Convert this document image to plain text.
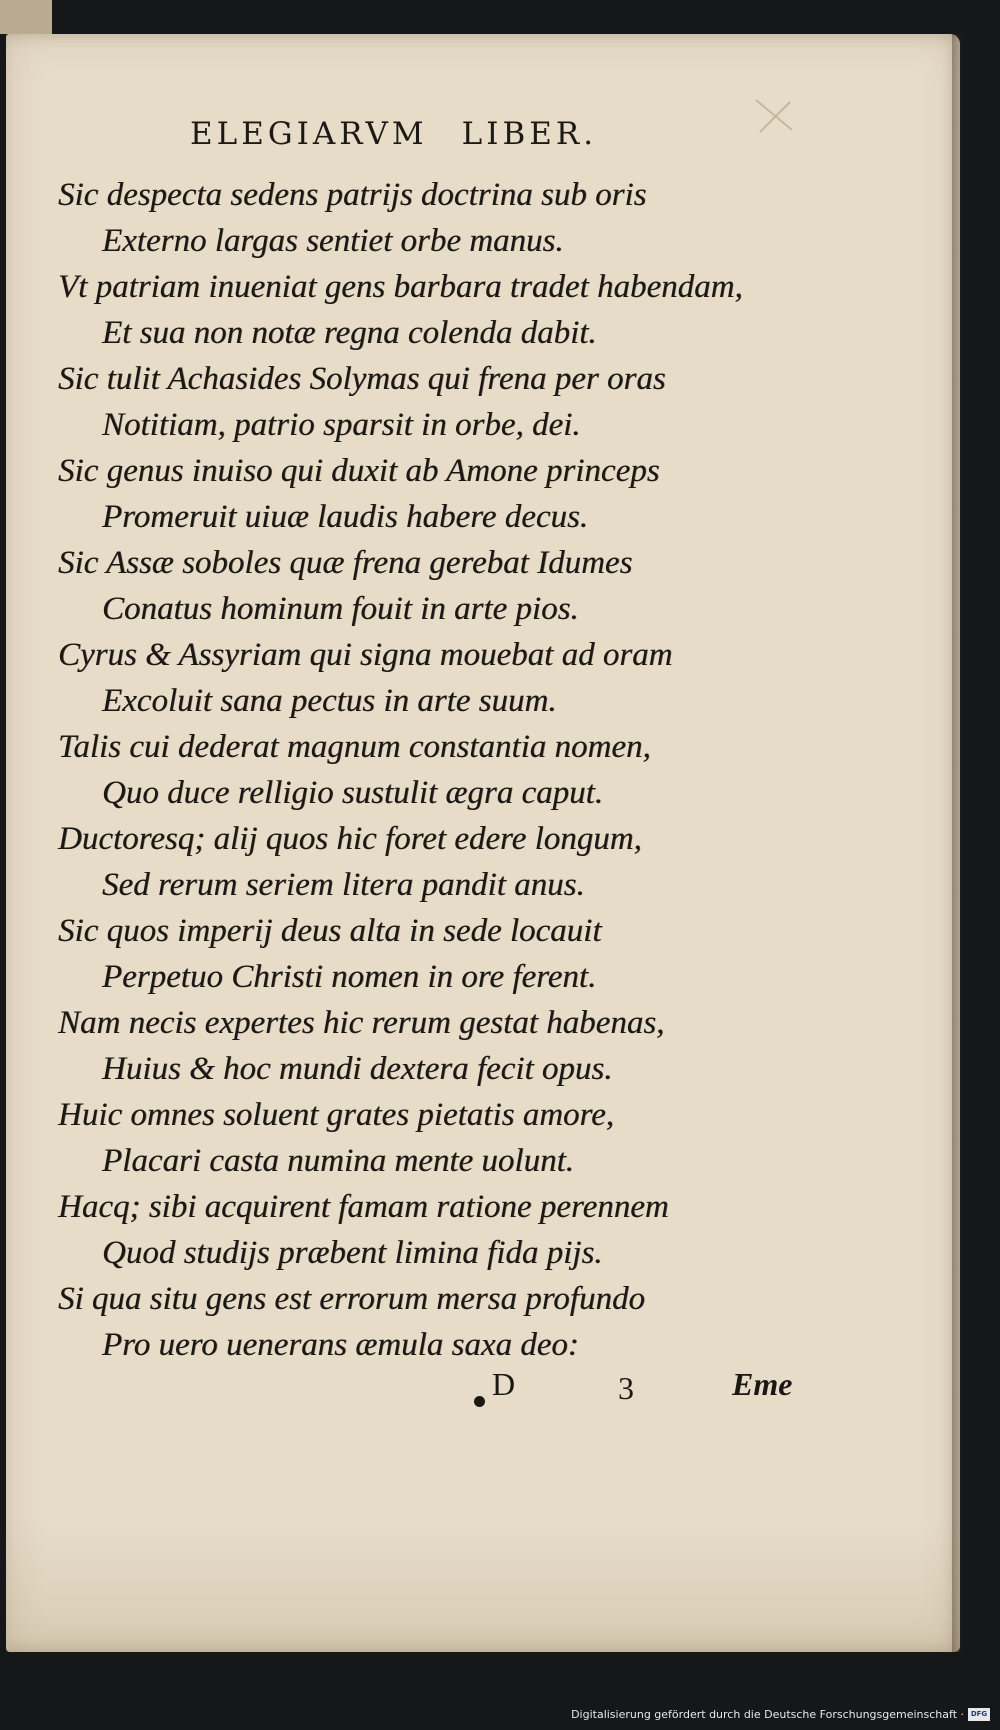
ELEGIARVM LIBER.
Sic despecta sedens patrijs doctrina sub oris
Externo largas sentiet orbe manus.
Vt patriam inueniat gens barbara tradet habendam,
Et sua non notæ regna colenda dabit.
Sic tulit Achasides Solymas qui frena per oras
Notitiam, patrio sparsit in orbe, dei.
Sic genus inuiso qui duxit ab Amone princeps
Promeruit uiuæ laudis habere decus.
Sic Assæ soboles quæ frena gerebat Idumes
Conatus hominum fouit in arte pios.
Cyrus & Assyriam qui signa mouebat ad oram
Excoluit sana pectus in arte suum.
Talis cui dederat magnum constantia nomen,
Quo duce relligio sustulit ægra caput.
Ductoresq; alij quos hic foret edere longum,
Sed rerum seriem litera pandit anus.
Sic quos imperij deus alta in sede locauit
Perpetuo Christi nomen in ore ferent.
Nam necis expertes hic rerum gestat habenas,
Huius & hoc mundi dextera fecit opus.
Huic omnes soluent grates pietatis amore,
Placari casta numina mente uolunt.
Hacq; sibi acquirent famam ratione perennem
Quod studijs præbent limina fida pijs.
Si qua situ gens est errorum mersa profundo
Pro uero uenerans æmula saxa deo:
D	3	Eme
Digitalisierung gefördert durch die Deutsche Forschungsgemeinschaft · DFG
